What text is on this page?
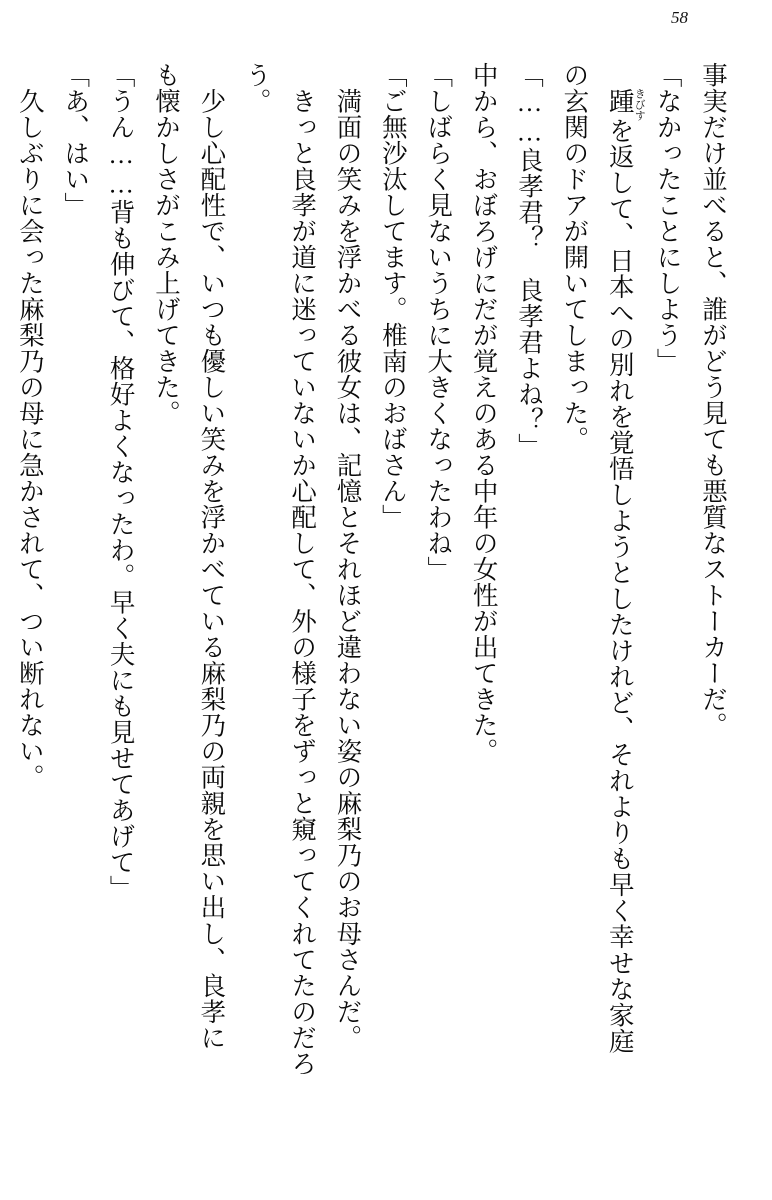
58

事実だけ並べると、誰がどう見ても悪質なストーカーだ。

「なかったことにしよう」

踵きびすを返して、日本への別れを覚悟しようとしたけれど、それよりも早く幸せな家庭

の玄関のドアが開いてしまった。

「……良孝君？　良孝君よね？」

中から、おぼろげにだが覚えのある中年の女性が出てきた。

「しばらく見ないうちに大きくなったわね」

「ご無沙汰してます。椎南のおばさん」

満面の笑みを浮かべる彼女は、記憶とそれほど違わない姿の麻梨乃のお母さんだ。

きっと良孝が道に迷っていないか心配して、外の様子をずっと窺ってくれてたのだろ

う。

少し心配性で、いつも優しい笑みを浮かべている麻梨乃の両親を思い出し、良孝に

も懐かしさがこみ上げてきた。

「うん……背も伸びて、格好よくなったわ。早く夫にも見せてあげて」

「あ、はい」

久しぶりに会った麻梨乃の母に急かされて、つい断れない。
